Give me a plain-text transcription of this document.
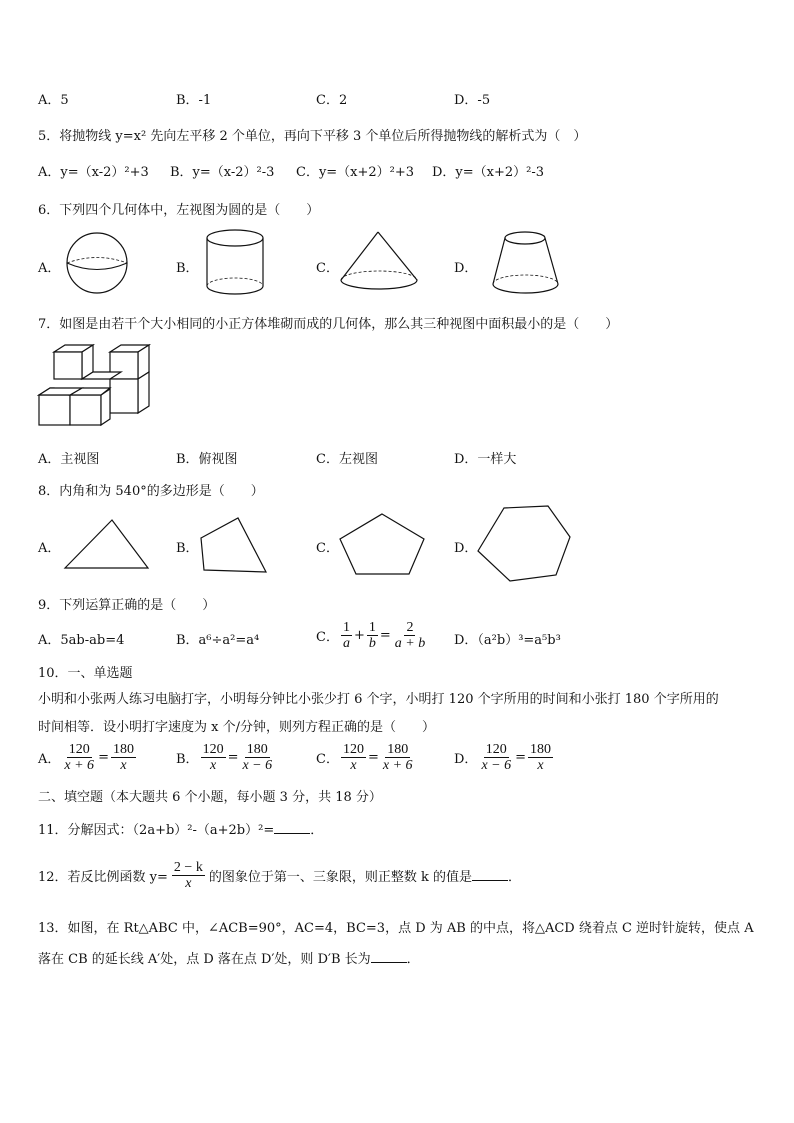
A．5	B．-1	C．2	D．-5
5．将抛物线 y=x² 先向左平移 2 个单位，再向下平移 3 个单位后所得抛物线的解析式为（　）
A．y=（x-2）²+3 B．y=（x-2）²-3 C．y=（x+2）²+3 D．y=（x+2）²-3
6．下列四个几何体中，左视图为圆的是（　　）
A．	B．	C．	D．
7．如图是由若干个大小相同的小正方体堆砌而成的几何体，那么其三种视图中面积最小的是（　　）
A．主视图	B．俯视图	C．左视图	D．一样大
8．内角和为 540°的多边形是（　　）
A．	B．	C．	D．
9．下列运算正确的是（　　）
A．5ab-ab=4	B．a⁶÷a²=a⁴	C． $\frac{1}{a} + \frac{1}{b} = \frac{2}{a + b}$ D．（a²b）³=a⁵b³
10．一、单选题
小明和小张两人练习电脑打字，小明每分钟比小张少打 6 个字，小明打 120 个字所用的时间和小张打 180 个字所用的
时间相等．设小明打字速度为 x 个/分钟，则列方程正确的是（　　）
A． $\frac{120}{x + 6} = \frac{180}{x}$	B． $\frac{120}{x} = \frac{180}{x - 6}$	C． $\frac{120}{x} = \frac{180}{x + 6}$	D． $\frac{120}{x - 6} = \frac{180}{x}$
二、填空题（本大题共 6 个小题，每小题 3 分，共 18 分）
11．分解因式：（2a+b）²-（a+2b）²=	．
12．若反比例函数 $y= \frac{2 - k}{x}$ 的图象位于第一、三象限，则正整数 k 的值是	．
13．如图，在 Rt△ABC 中，∠ACB=90°，AC=4，BC=3，点 D 为 AB 的中点，将△ACD 绕着点 C 逆时针旋转，使点 A
落在 CB 的延长线 A′处，点 D 落在点 D′处，则 D′B 长为	．
